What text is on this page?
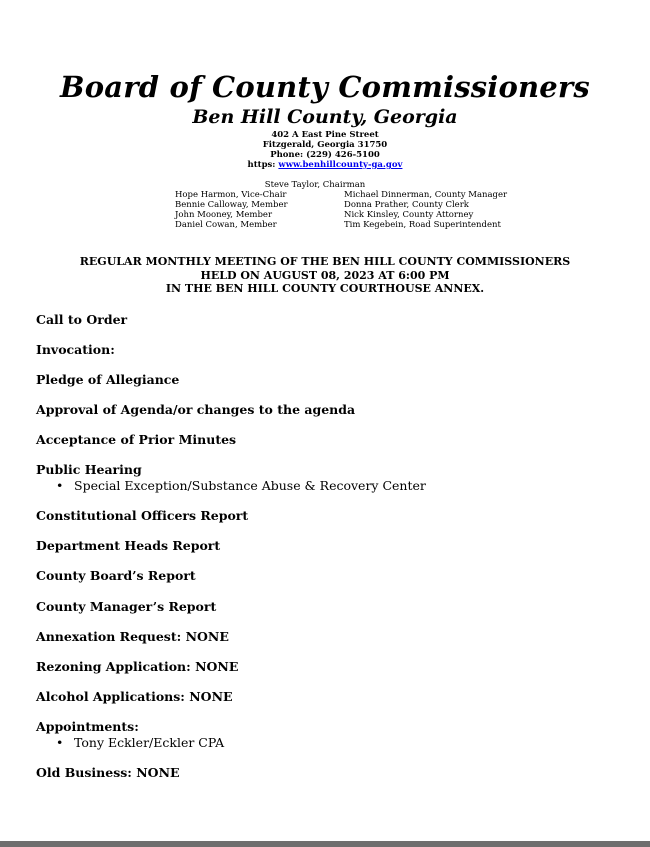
Board of County Commissioners
Ben Hill County, Georgia
402 A East Pine Street
Fitzgerald, Georgia 31750
Phone: (229) 426-5100
https: www.benhillcounty-ga.gov
Steve Taylor, Chairman
Hope Harmon, Vice-Chair
Bennie Calloway, Member
John Mooney, Member
Daniel Cowan, Member
Michael Dinnerman, County Manager
Donna Prather, County Clerk
Nick Kinsley, County Attorney
Tim Kegebein, Road Superintendent
REGULAR MONTHLY MEETING OF THE BEN HILL COUNTY COMMISSIONERS
HELD ON AUGUST 08, 2023 AT 6:00 PM
IN THE BEN HILL COUNTY COURTHOUSE ANNEX.
Call to Order
Invocation:
Pledge of Allegiance
Approval of Agenda/or changes to the agenda
Acceptance of Prior Minutes
Public Hearing
• Special Exception/Substance Abuse & Recovery Center
Constitutional Officers Report
Department Heads Report
County Board’s Report
County Manager’s Report
Annexation Request: NONE
Rezoning Application: NONE
Alcohol Applications: NONE
Appointments:
• Tony Eckler/Eckler CPA
Old Business: NONE
